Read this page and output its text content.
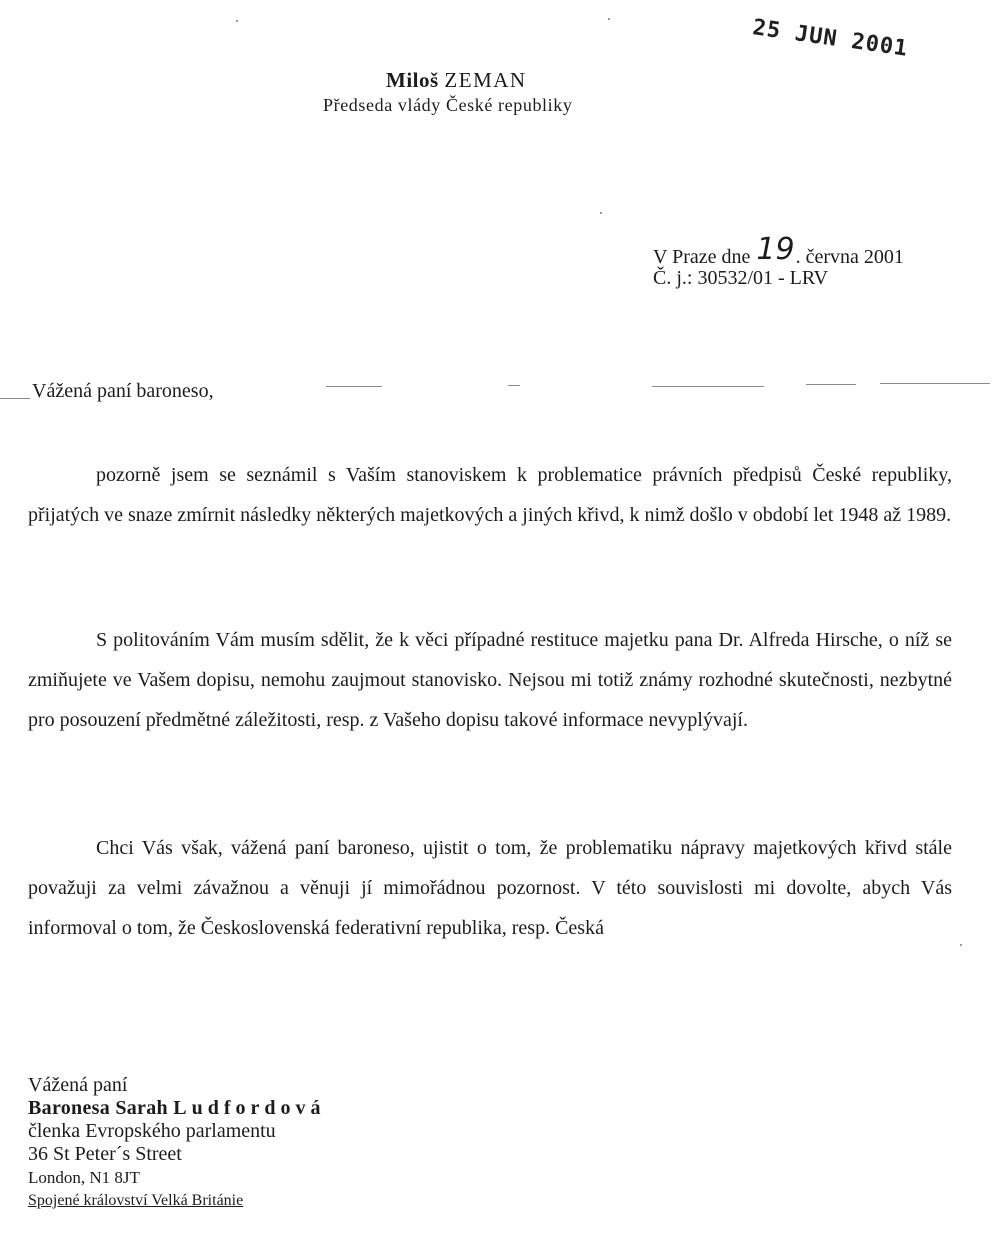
25 JUN 2001
Miloš ZEMAN
Předseda vlády České republiky
V Praze dne 19. června 2001
Č. j.: 30532/01 - LRV
Vážená paní baroneso,

pozorně jsem se seznámil s Vaším stanoviskem k problematice právních předpisů České republiky, přijatých ve snaze zmírnit následky některých majetkových a jiných křivd, k nimž došlo v období let 1948 až 1989.

S politováním Vám musím sdělit, že k věci případné restituce majetku pana Dr. Alfreda Hirsche, o níž se zmiňujete ve Vašem dopisu, nemohu zaujmout stanovisko. Nejsou mi totiž známy rozhodné skutečnosti, nezbytné pro posouzení předmětné záležitosti, resp. z Vašeho dopisu takové informace nevyplývají.

Chci Vás však, vážená paní baroneso, ujistit o tom, že problematiku nápravy majetkových křivd stále považuji za velmi závažnou a věnuji jí mimořádnou pozornost. V této souvislosti mi dovolte, abych Vás informoval o tom, že Československá federativní republika, resp. Česká

Vážená paní
Baronesa Sarah Ludfordová
členka Evropského parlamentu
36 St Peter´s Street
London, N1 8JT
Spojené království Velká Británie
